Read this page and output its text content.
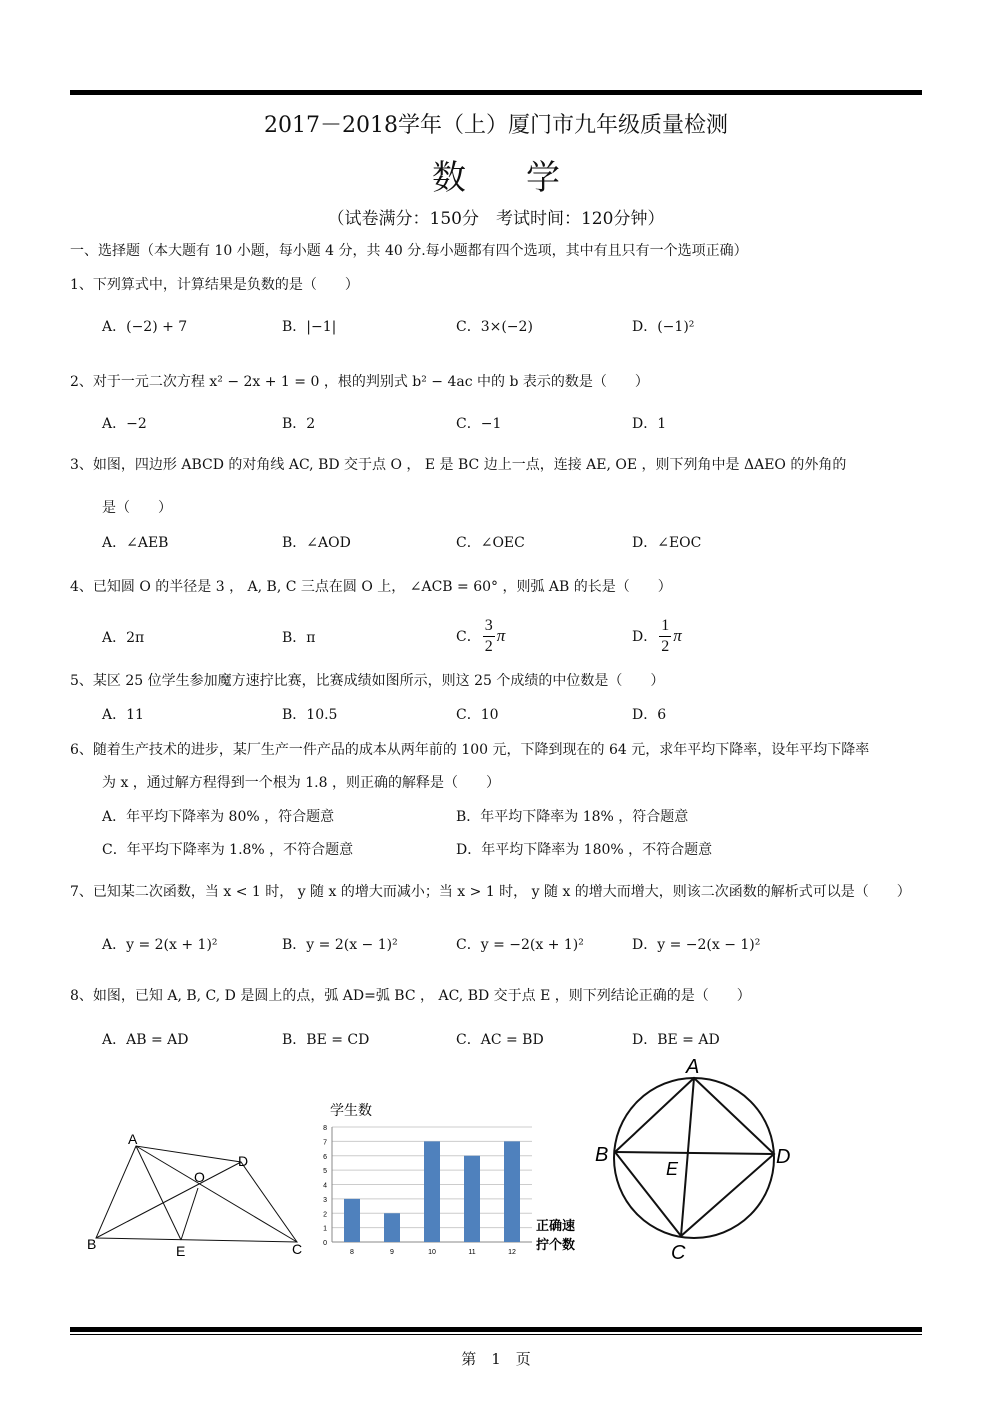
2017－2018学年（上）厦门市九年级质量检测
数学
（试卷满分：150分　考试时间：120分钟）
一、选择题（本大题有 10 小题，每小题 4 分，共 40 分.每小题都有四个选项，其中有且只有一个选项正确）
1、下列算式中，计算结果是负数的是（　　）
A．(−2) + 7	B．|−1|	C．3×(−2)	D．(−1)²
2、对于一元二次方程 x² − 2x + 1 = 0 ，根的判别式 b² − 4ac 中的 b 表示的数是（　　）
A．−2	B．2	C．−1	D．1
3、如图，四边形 ABCD 的对角线 AC, BD 交于点 O ， E 是 BC 边上一点，连接 AE, OE ，则下列角中是 ΔAEO 的外角的
是（　　）
A．∠AEB	B．∠AOD	C．∠OEC	D．∠EOC
4、已知圆 O 的半径是 3 ， A, B, C 三点在圆 O 上， ∠ACB = 60° ，则弧 AB 的长是（　　）
A．2π	B．π	C． $\frac{3}{2}$ π	D． $\frac{1}{2}$ π
5、某区 25 位学生参加魔方速拧比赛，比赛成绩如图所示，则这 25 个成绩的中位数是（　　）
A．11	B．10.5	C．10	D．6
6、随着生产技术的进步，某厂生产一件产品的成本从两年前的 100 元，下降到现在的 64 元，求年平均下降率，设年平均下降率
为 x ，通过解方程得到一个根为 1.8 ，则正确的解释是（　　）
A．年平均下降率为 80% ，符合题意	B．年平均下降率为 18% ，符合题意
C．年平均下降率为 1.8% ，不符合题意	D．年平均下降率为 180% ，不符合题意
7、已知某二次函数，当 x < 1 时， y 随 x 的增大而减小；当 x > 1 时， y 随 x 的增大而增大，则该二次函数的解析式可以是（　　）
A．y = 2(x + 1)²	B．y = 2(x − 1)²	C．y = −2(x + 1)²	D．y = −2(x − 1)²
8、如图，已知 A, B, C, D 是圆上的点，弧 AD=弧 BC ， AC, BD 交于点 E ，则下列结论正确的是（　　）
A．AB = AD	B．BE = CD	C．AC = BD	D．BE = AD
A
B	C
D
O
E
学生数
0
1
2
3
4
5
6
7
8
8	9	10	11	12
正确速
拧个数
A
B
C
D
E
第　1　页
